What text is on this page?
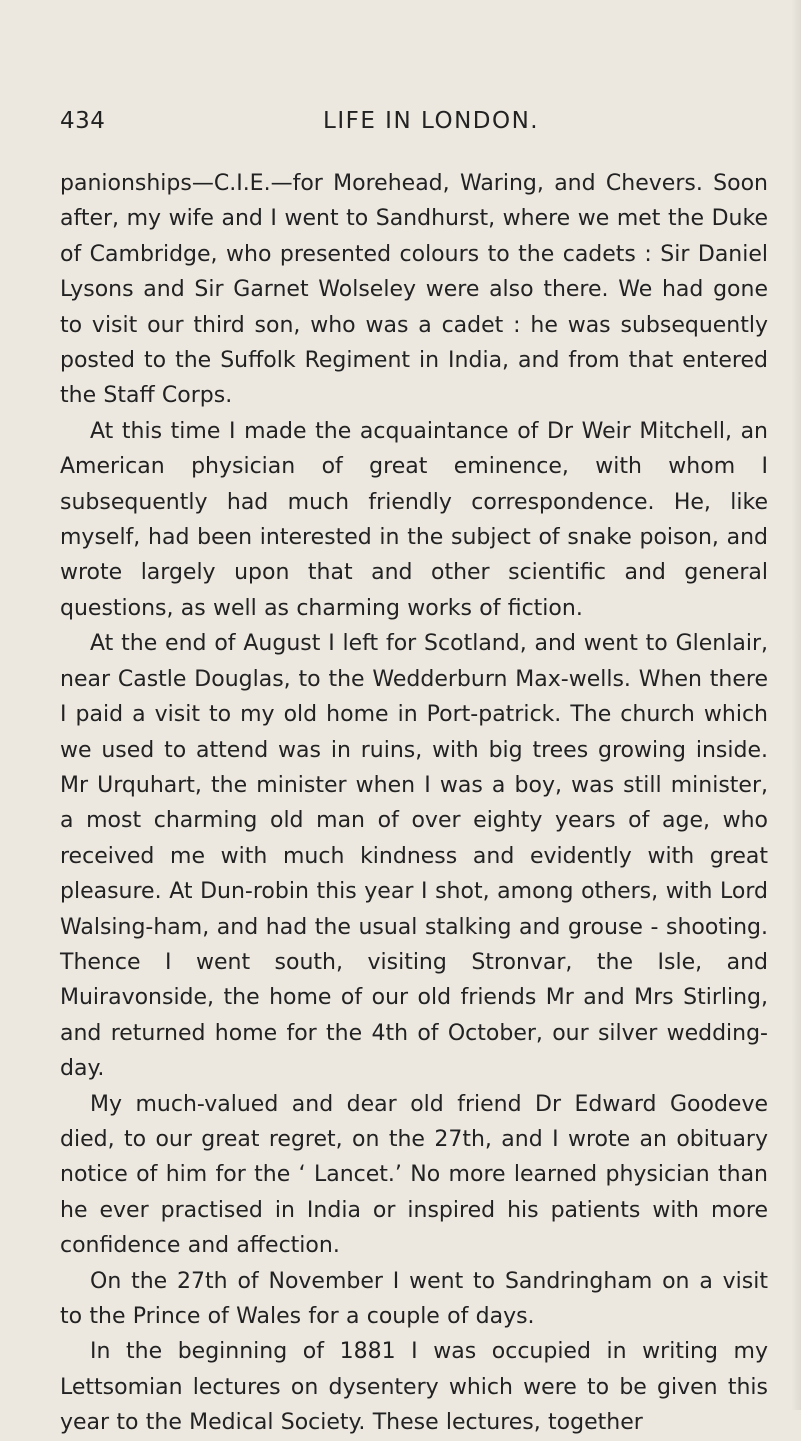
434	LIFE IN LONDON.

panionships—C.I.E.—for Morehead, Waring, and Chevers. Soon after, my wife and I went to Sandhurst, where we met the Duke of Cambridge, who presented colours to the cadets : Sir Daniel Lysons and Sir Garnet Wolseley were also there. We had gone to visit our third son, who was a cadet : he was subsequently posted to the Suffolk Regiment in India, and from that entered the Staff Corps.

At this time I made the acquaintance of Dr Weir Mitchell, an American physician of great eminence, with whom I subsequently had much friendly correspondence. He, like myself, had been interested in the subject of snake poison, and wrote largely upon that and other scientific and general questions, as well as charming works of fiction.

At the end of August I left for Scotland, and went to Glenlair, near Castle Douglas, to the Wedderburn Max-wells. When there I paid a visit to my old home in Port-patrick. The church which we used to attend was in ruins, with big trees growing inside. Mr Urquhart, the minister when I was a boy, was still minister, a most charming old man of over eighty years of age, who received me with much kindness and evidently with great pleasure. At Dun-robin this year I shot, among others, with Lord Walsing-ham, and had the usual stalking and grouse - shooting. Thence I went south, visiting Stronvar, the Isle, and Muiravonside, the home of our old friends Mr and Mrs Stirling, and returned home for the 4th of October, our silver wedding-day.

My much-valued and dear old friend Dr Edward Goodeve died, to our great regret, on the 27th, and I wrote an obituary notice of him for the ‘ Lancet.’ No more learned physician than he ever practised in India or inspired his patients with more confidence and affection.

On the 27th of November I went to Sandringham on a visit to the Prince of Wales for a couple of days.

In the beginning of 1881 I was occupied in writing my Lettsomian lectures on dysentery which were to be given this year to the Medical Society. These lectures, together
